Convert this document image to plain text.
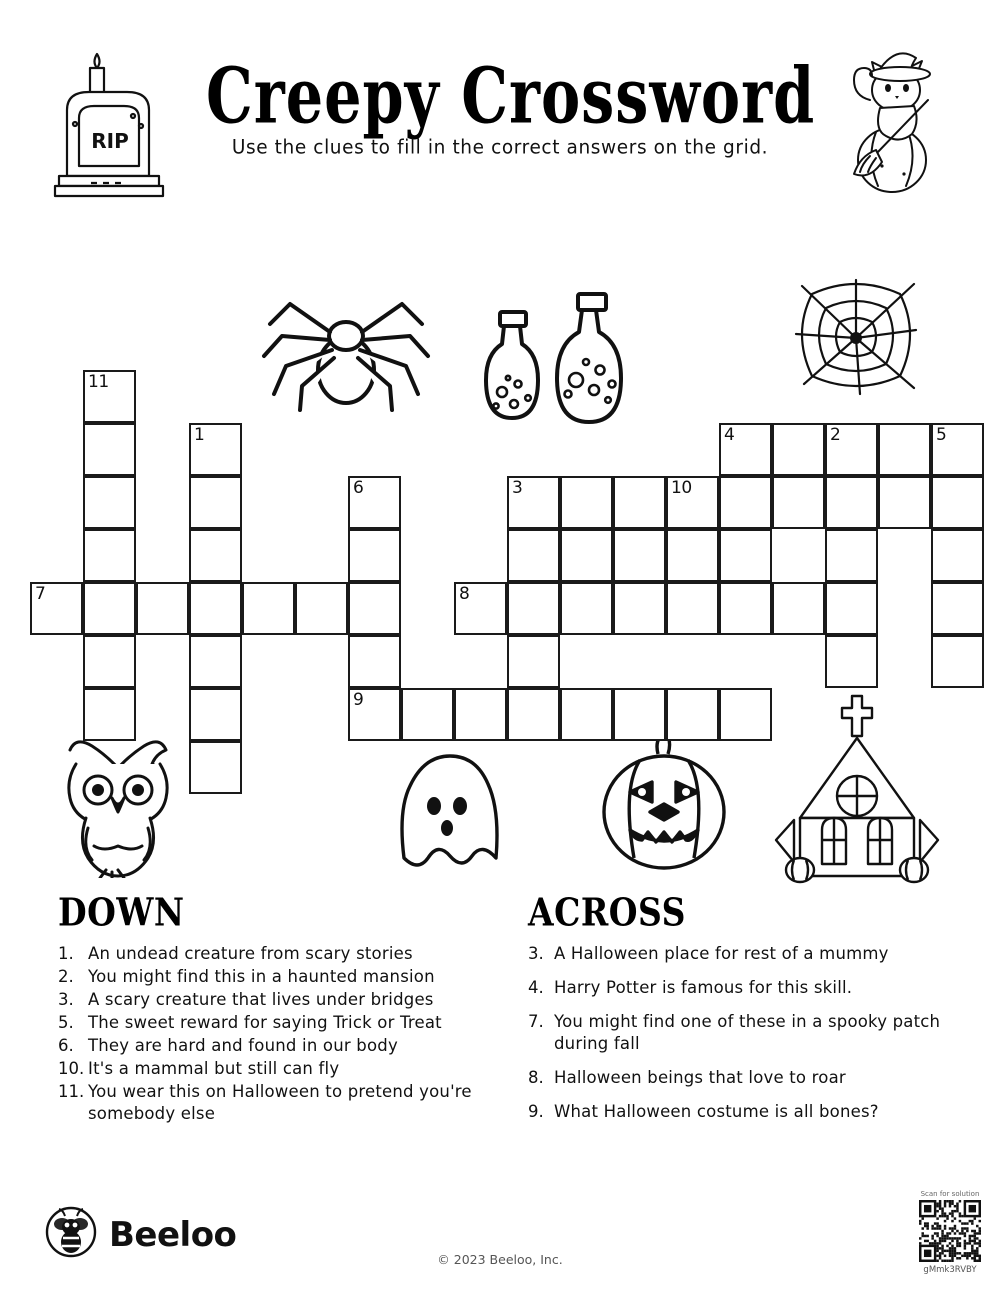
RIP Creepy Crossword
Use the clues to fill in the correct answers on the grid.
11
1
6
7
3	10
4	2	5
8
9
DOWN
1. An undead creature from scary stories
2. You might find this in a haunted mansion
3. A scary creature that lives under bridges
5. The sweet reward for saying Trick or Treat
6. They are hard and found in our body
10. It's a mammal but still can fly
11. You wear this on Halloween to pretend you're somebody else
ACROSS
3. A Halloween place for rest of a mummy
4. Harry Potter is famous for this skill.
7. You might find one of these in a spooky patch during fall
8. Halloween beings that love to roar
9. What Halloween costume is all bones?
Beeloo
© 2023 Beeloo, Inc.
Scan for solution
gMmk3RVBY
